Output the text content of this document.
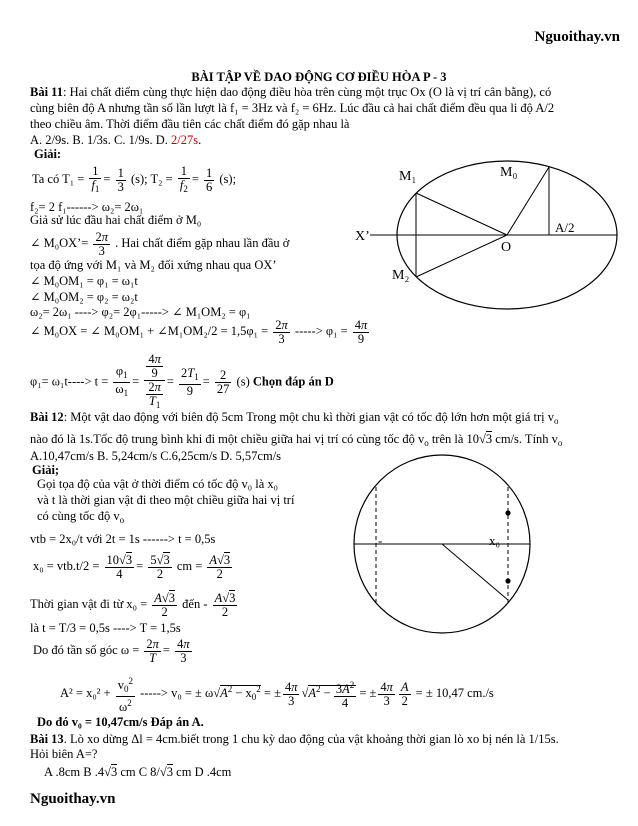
Nguoithay.vn
BÀI TẬP VỀ DAO ĐỘNG CƠ ĐIỀU HÒA P - 3
Bài 11: Hai chất điểm cùng thực hiện dao động điều hòa trên cùng một trục Ox (O là vị trí cân bằng), có
cùng biên độ A nhưng tần số lần lượt là f₁ = 3Hz và f₂ = 6Hz. Lúc đầu cả hai chất điểm đều qua li độ A/2
theo chiều âm. Thời điểm đầu tiên các chất điểm đó gặp nhau là
A. 2/9s. B. 1/3s. C. 1/9s. D. 2/27s.
Giải:
Ta có $T_1 = \frac{1}{f_1} = \frac{1}{3} (s)$; $T_2 = \frac{1}{f_2} = \frac{1}{6} (s)$;
f₂= 2 f₁------> ω₂= 2ω₁
Giả sử lúc đầu hai chất điểm ở M₀
∠ M₀OX’= $\frac{2\pi}{3}$ . Hai chất điểm gặp nhau lần đầu ở
tọa độ ứng với M₁ và M₂ đối xứng nhau qua OX’
∠ M₀OM₁ = φ₁ = ω₁t
∠ M₀OM₂ = φ₂ = ω₂t
ω₂= 2ω₁ ----> φ₂= 2φ₁-----> ∠ M₁OM₂ = φ₁
∠ M₀OX = ∠ M₀OM₁ + ∠M₁OM₂/2 = $1,5\varphi_1 = \frac{2\pi}{3}$ -----> $\varphi_1 = \frac{4\pi}{9}$
$\varphi_1= \omega_1t----> t = \frac{\varphi_1}{\omega_1} = \frac{\frac{4\pi}{9}}{\frac{2\pi}{T_1}} = \frac{2T_1}{9} = \frac{2}{27} (s)$ Chọn đáp án D
M₀
M₁
M₂
A/2
X’
O
Bài 12: Một vật dao động với biên độ 5cm Trong một chu kì thời gian vật có tốc độ lớn hơn một giá trị $v_o$
nào đó là 1s.Tốc độ trung bình khi đi một chiều giữa hai vị trí có cùng tốc độ $v_o$ trên là 10√3 cm/s. Tính $v_o$
A.10,47cm/s B. 5,24cm/s C.6,25cm/s D. 5,57cm/s
Giải;
Gọi tọa độ của vật ở thời điểm có tốc độ v₀ là x₀
và t là thời gian vật đi theo một chiều giữa hai vị trí
có cùng tốc độ $v_o$
vtb = 2x₀/t với 2t = 1s ------> t = 0,5s
$x_0 = vtb.t/2 = \frac{10√3}{4} = \frac{5√3}{2}$ cm = $\frac{A√3}{2}$
Thời gian vật đi từ $x_0 = \frac{A√3}{2}$ đến - $\frac{A√3}{2}$
là t = T/3 = 0,5s ----> T = 1,5s
Do đó tần số góc $\omega = \frac{2\pi}{T} = \frac{4\pi}{3}$
$A^2 = x_0^2 + \frac{v_0^2}{\omega^2}$ -----> v₀ = ± $\omega√A^2 - x_0^2$ = ± $\frac{4\pi}{3} √A^2 - \frac{3A^2}{4}$ = ± $\frac{4\pi}{3} \frac{A}{2}$ = ± 10,47 cm./s
Do đó v₀ = 10,47cm/s Đáp án A.
-	x₀
Bài 13. Lò xo dừng Δl = 4cm.biết trong 1 chu kỳ dao động của vật khoảng thời gian lò xo bị nén là 1/15s.
Hỏi biên A=?
A .8cm B .4√3 cm C 8/√3 cm D .4cm
Nguoithay.vn
